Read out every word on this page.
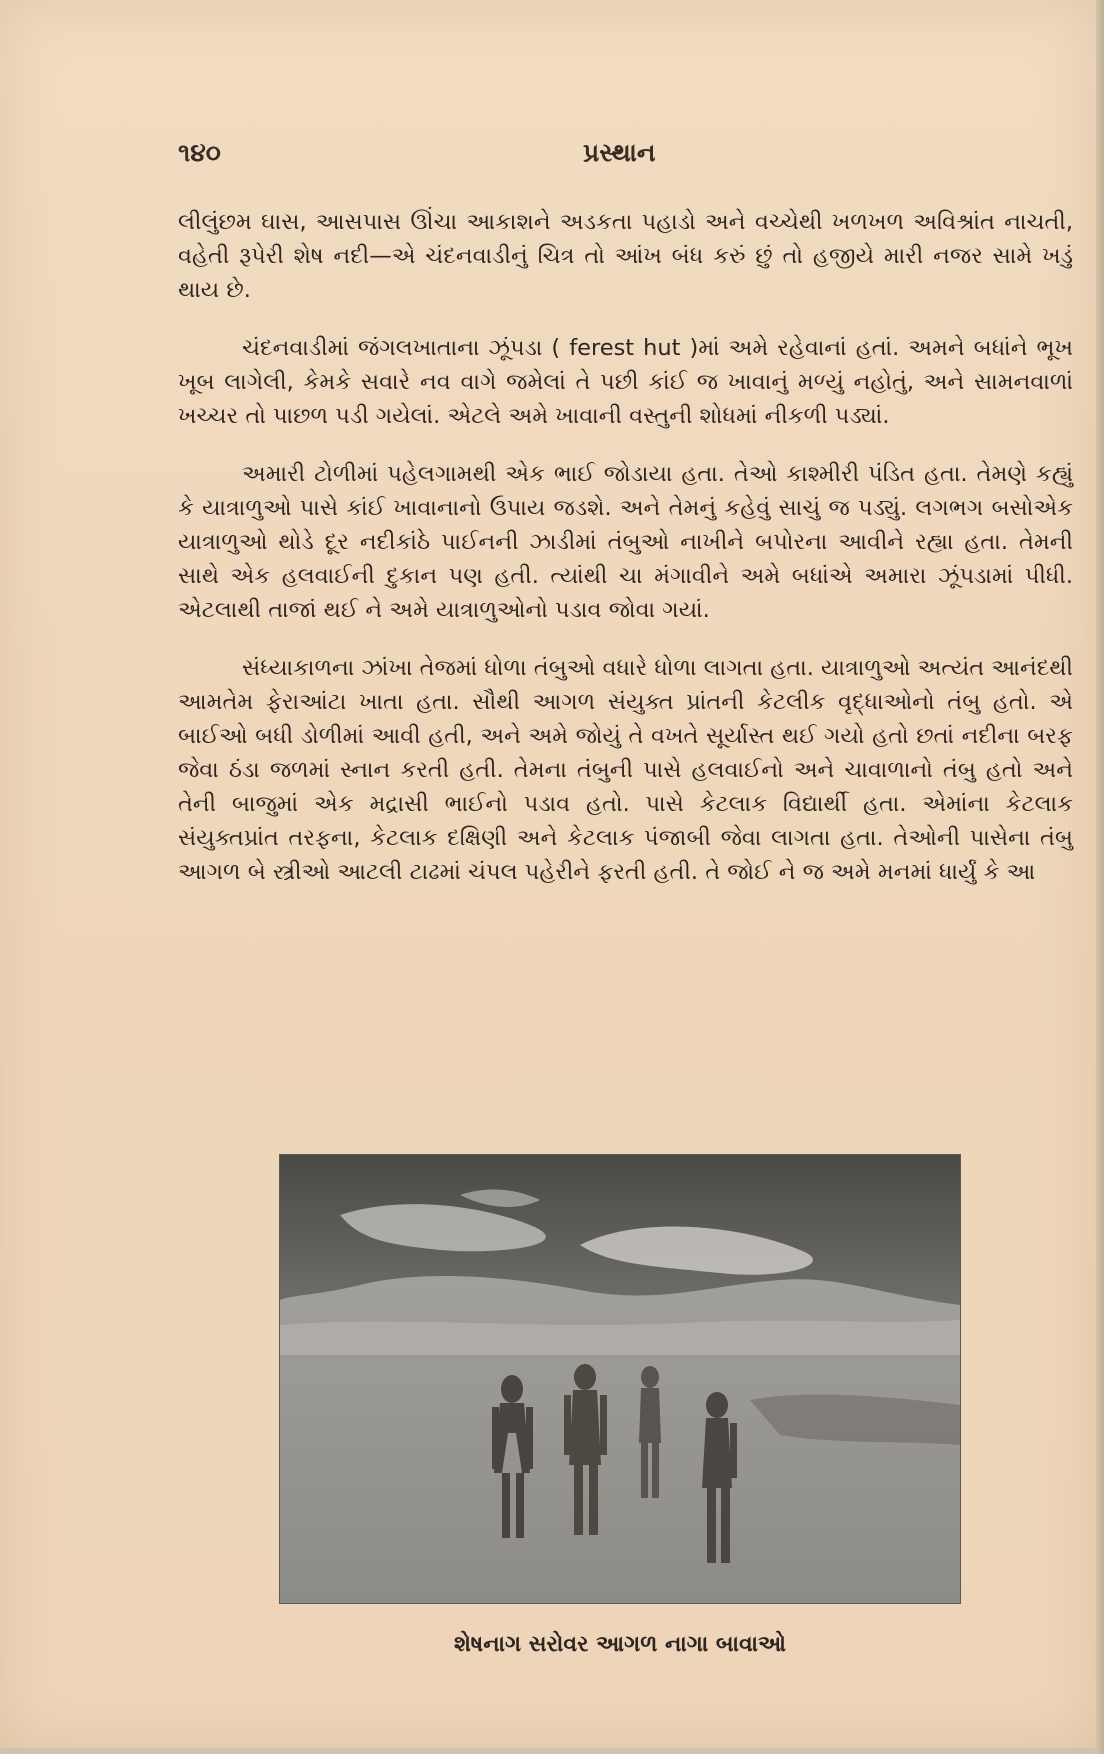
૧૪૦	પ્રસ્થાન

લીલુંછમ ઘાસ, આસપાસ ઊંચા આકાશને અડકતા પહાડો અને વચ્ચેથી ખળખળ અવિશ્રાંત નાચતી, વહેતી રૂપેરી શેષ નદી—એ ચંદનવાડીનું ચિત્ર તો આંખ બંધ કરું છું તો હજીયે મારી નજર સામે ખડું થાય છે.

ચંદનવાડીમાં જંગલખાતાના ઝૂંપડા ( ferest hut )માં અમે રહેવાનાં હતાં. અમને બધાંને ભૂખ ખૂબ લાગેલી, કેમકે સવારે નવ વાગે જમેલાં તે પછી કાંઈ જ ખાવાનું મળ્યું નહોતું, અને સામનવાળાં ખચ્ચર તો પાછળ પડી ગયેલાં. એટલે અમે ખાવાની વસ્તુની શોધમાં નીકળી પડ્યાં.

અમારી ટોળીમાં પહેલગામથી એક ભાઈ જોડાયા હતા. તેઓ કાશ્મીરી પંડિત હતા. તેમણે કહ્યું કે યાત્રાળુઓ પાસે કાંઈ ખાવાનાનો ઉપાય જડશે. અને તેમનું કહેવું સાચું જ પડ્યું. લગભગ બસોએક યાત્રાળુઓ થોડે દૂર નદીકાંઠે પાઈનની ઝાડીમાં તંબુઓ નાખીને બપોરના આવીને રહ્યા હતા. તેમની સાથે એક હલવાઈની દુકાન પણ હતી. ત્યાંથી ચા મંગાવીને અમે બધાંએ અમારા ઝૂંપડામાં પીધી. એટલાથી તાજાં થઈ ને અમે યાત્રાળુઓનો પડાવ જોવા ગયાં.

સંધ્યાકાળના ઝાંખા તેજમાં ધોળા તંબુઓ વધારે ધોળા લાગતા હતા. યાત્રાળુઓ અત્યંત આનંદથી આમતેમ ફેરાઆંટા ખાતા હતા. સૌથી આગળ સંયુક્ત પ્રાંતની કેટલીક વૃદ્ધાઓનો તંબુ હતો. એ બાઈઓ બધી ડોળીમાં આવી હતી, અને અમે જોયું તે વખતે સૂર્યાસ્ત થઈ ગયો હતો છતાં નદીના બરફ જેવા ઠંડા જળમાં સ્નાન કરતી હતી. તેમના તંબુની પાસે હલવાઈનો અને ચાવાળાનો તંબુ હતો અને તેની બાજુમાં એક મદ્રાસી ભાઈનો પડાવ હતો. પાસે કેટલાક વિદ્યાર્થી હતા. એમાંના કેટલાક સંયુક્તપ્રાંત તરફના, કેટલાક દક્ષિણી અને કેટલાક પંજાબી જેવા લાગતા હતા. તેઓની પાસેના તંબુ આગળ બે સ્ત્રીઓ આટલી ટાઢમાં ચંપલ પહેરીને ફરતી હતી. તે જોઈ ને જ અમે મનમાં ધાર્યું કે આ

શેષનાગ સરોવર આગળ નાગા બાવાઓ
